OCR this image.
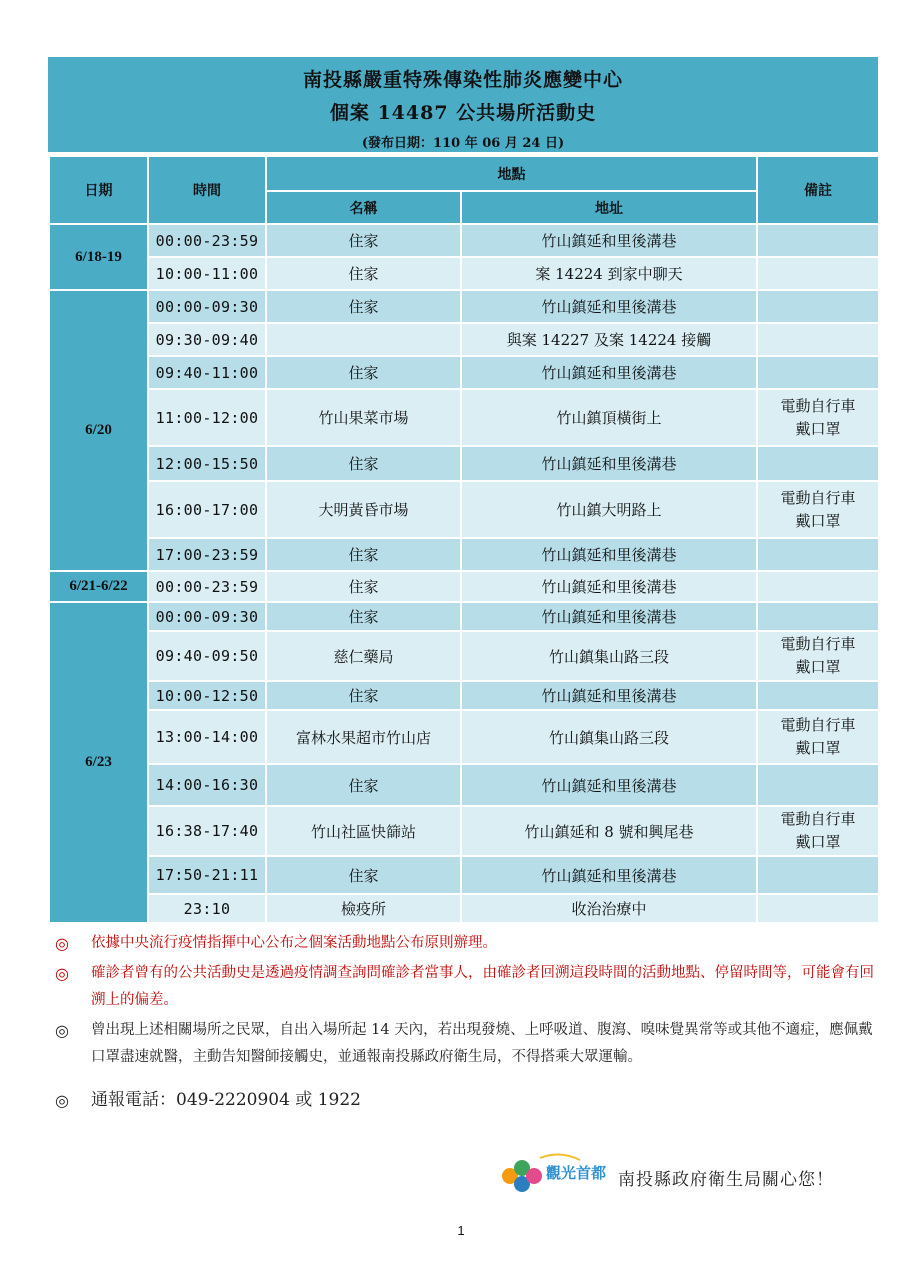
南投縣嚴重特殊傳染性肺炎應變中心
個案 14487 公共場所活動史
(發布日期：110 年 06 月 24 日)
日期	時間	地點		備註
		名稱	地址	
6/18-19	00:00-23:59	住家	竹山鎮延和里後溝巷	
	10:00-11:00	住家	案 14224 到家中聊天	
6/20	00:00-09:30	住家	竹山鎮延和里後溝巷	
	09:30-09:40		與案 14227 及案 14224 接觸	
	09:40-11:00	住家	竹山鎮延和里後溝巷	
	11:00-12:00	竹山果菜市場	竹山鎮頂橫街上	電動自行車
戴口罩

	12:00-15:50	住家	竹山鎮延和里後溝巷	
	16:00-17:00	大明黃昏市場	竹山鎮大明路上	電動自行車
戴口罩

	17:00-23:59	住家	竹山鎮延和里後溝巷	
6/21-6/22	00:00-23:59	住家	竹山鎮延和里後溝巷	
6/23	00:00-09:30	住家	竹山鎮延和里後溝巷	
	09:40-09:50	慈仁藥局	竹山鎮集山路三段	電動自行車
戴口罩

	10:00-12:50	住家	竹山鎮延和里後溝巷	
	13:00-14:00	富林水果超市竹山店	竹山鎮集山路三段	電動自行車
戴口罩

	14:00-16:30	住家	竹山鎮延和里後溝巷	
	16:38-17:40	竹山社區快篩站	竹山鎮延和 8 號和興尾巷	電動自行車
戴口罩

	17:50-21:11	住家	竹山鎮延和里後溝巷	
	23:10	檢疫所	收治治療中	
◎ 依據中央流行疫情指揮中心公布之個案活動地點公布原則辦理。
◎ 確診者曾有的公共活動史是透過疫情調查詢問確診者當事人，由確診者回溯這段時間的活動地點、停留時間等，可能會有回溯上的偏差。
◎ 曾出現上述相關場所之民眾，自出入場所起 14 天內，若出現發燒、上呼吸道、腹瀉、嗅味覺異常等或其他不適症，應佩戴口罩盡速就醫，主動告知醫師接觸史，並通報南投縣政府衛生局，不得搭乘大眾運輸。
◎ 通報電話：049-2220904 或 1922
觀光首都 南投縣政府衛生局關心您！
1
